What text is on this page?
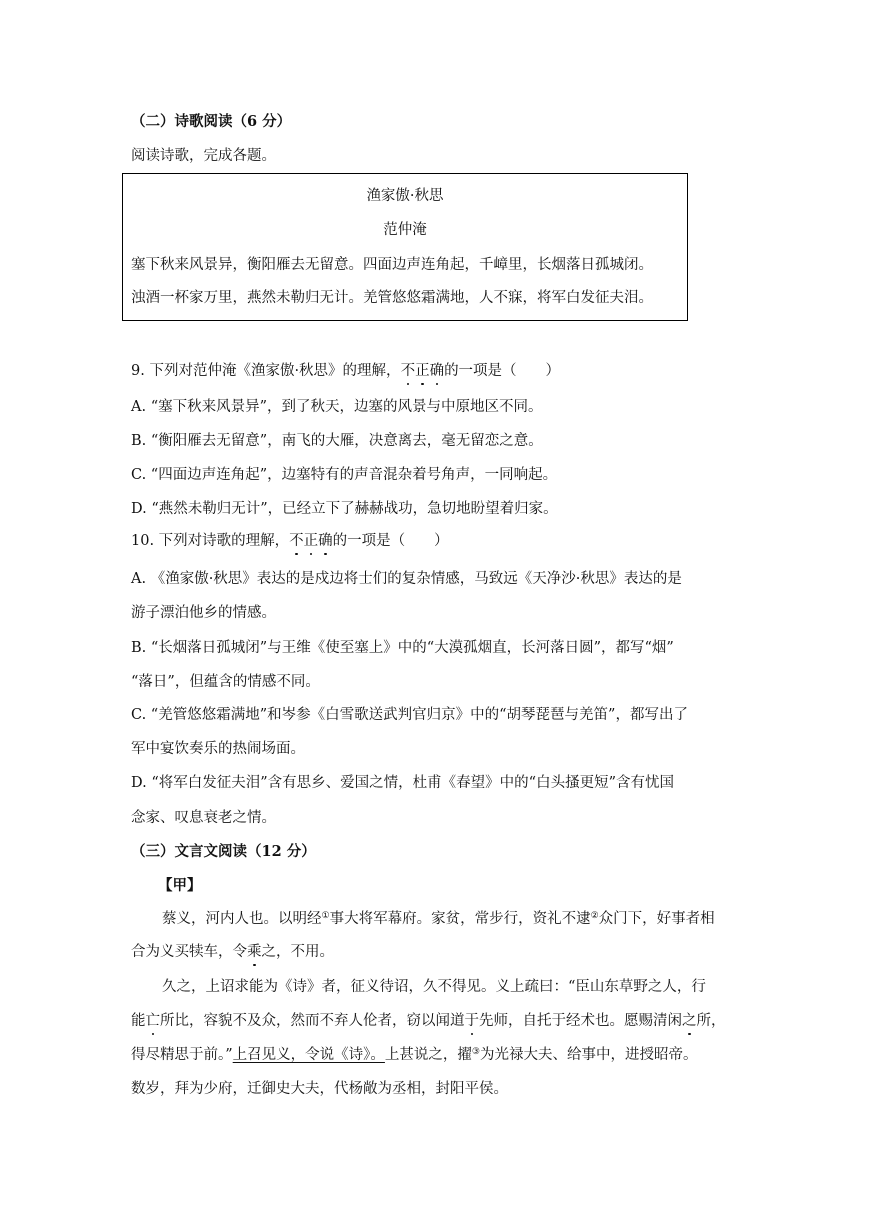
（二）诗歌阅读（6 分）
阅读诗歌，完成各题。
渔家傲·秋思
范仲淹
塞下秋来风景异，衡阳雁去无留意。四面边声连角起，千嶂里，长烟落日孤城闭。
浊酒一杯家万里，燕然未勒归无计。羌管悠悠霜满地，人不寐，将军白发征夫泪。
9. 下列对范仲淹《渔家傲·秋思》的理解，不正确的一项是（　　）
A. “塞下秋来风景异”，到了秋天，边塞的风景与中原地区不同。
B. “衡阳雁去无留意”，南飞的大雁，决意离去，毫无留恋之意。
C. “四面边声连角起”，边塞特有的声音混杂着号角声，一同响起。
D. “燕然未勒归无计”，已经立下了赫赫战功，急切地盼望着归家。
10. 下列对诗歌的理解，不正确的一项是（　　）
A. 《渔家傲·秋思》表达的是戍边将士们的复杂情感，马致远《天净沙·秋思》表达的是
游子漂泊他乡的情感。
B. “长烟落日孤城闭”与王维《使至塞上》中的“大漠孤烟直，长河落日圆”，都写“烟”
“落日”，但蕴含的情感不同。
C. “羌管悠悠霜满地”和岑参《白雪歌送武判官归京》中的“胡琴琵琶与羌笛”，都写出了
军中宴饮奏乐的热闹场面。
D. “将军白发征夫泪”含有思乡、爱国之情，杜甫《春望》中的“白头搔更短”含有忧国
念家、叹息衰老之情。
（三）文言文阅读（12 分）
【甲】
蔡义，河内人也。以明经①事大将军幕府。家贫，常步行，资礼不逮②众门下，好事者相
合为义买犊车，令乘之，不用。
久之，上诏求能为《诗》者，征义待诏，久不得见。义上疏曰：“臣山东草野之人，行
能亡所比，容貌不及众，然而不弃人伦者，窃以闻道于先师，自托于经术也。愿赐清闲之所，
得尽精思于前。”上召见义，令说《诗》。上甚说之，擢③为光禄大夫、给事中，进授昭帝。
数岁，拜为少府，迁御史大夫，代杨敞为丞相，封阳平侯。
